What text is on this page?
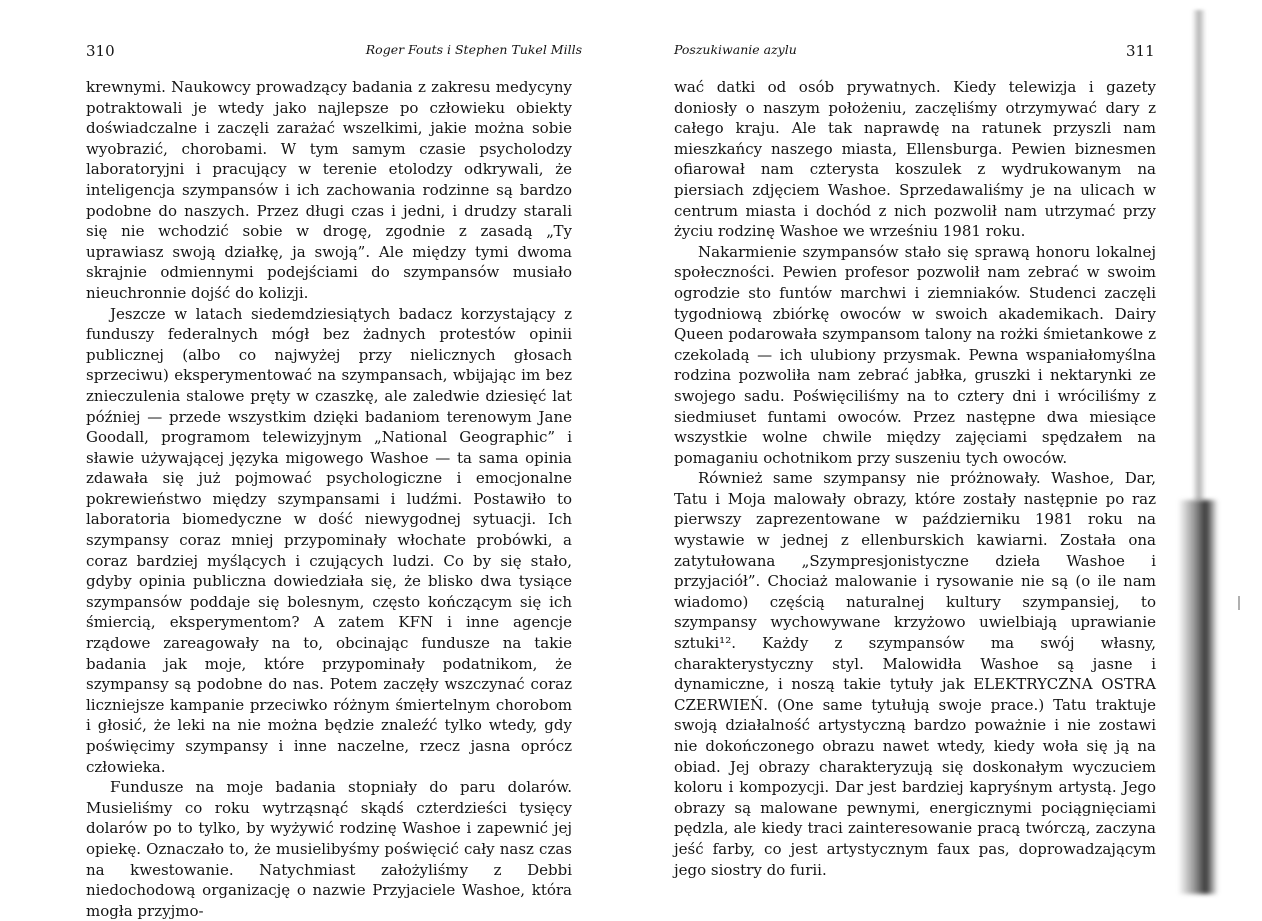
310	Roger Fouts i Stephen Tukel Mills

krewnymi. Naukowcy prowadzący badania z zakresu medycyny potraktowali je wtedy jako najlepsze po człowieku obiekty doświadczalne i zaczęli zarażać wszelkimi, jakie można sobie wyobrazić, chorobami. W tym samym czasie psycholodzy laboratoryjni i pracujący w terenie etolodzy odkrywali, że inteligencja szympansów i ich zachowania rodzinne są bardzo podobne do naszych. Przez długi czas i jedni, i drudzy starali się nie wchodzić sobie w drogę, zgodnie z zasadą „Ty uprawiasz swoją działkę, ja swoją”. Ale między tymi dwoma skrajnie odmiennymi podejściami do szympansów musiało nieuchronnie dojść do kolizji.

Jeszcze w latach siedemdziesiątych badacz korzystający z funduszy federalnych mógł bez żadnych protestów opinii publicznej (albo co najwyżej przy nielicznych głosach sprzeciwu) eksperymentować na szympansach, wbijając im bez znieczulenia stalowe pręty w czaszkę, ale zaledwie dziesięć lat później — przede wszystkim dzięki badaniom terenowym Jane Goodall, programom telewizyjnym „National Geographic” i sławie używającej języka migowego Washoe — ta sama opinia zdawała się już pojmować psychologiczne i emocjonalne pokrewieństwo między szympansami i ludźmi. Postawiło to laboratoria biomedyczne w dość niewygodnej sytuacji. Ich szympansy coraz mniej przypominały włochate probówki, a coraz bardziej myślących i czujących ludzi. Co by się stało, gdyby opinia publiczna dowiedziała się, że blisko dwa tysiące szympansów poddaje się bolesnym, często kończącym się ich śmiercią, eksperymentom? A zatem KFN i inne agencje rządowe zareagowały na to, obcinając fundusze na takie badania jak moje, które przypominały podatnikom, że szympansy są podobne do nas. Potem zaczęły wszczynać coraz liczniejsze kampanie przeciwko różnym śmiertelnym chorobom i głosić, że leki na nie można będzie znaleźć tylko wtedy, gdy poświęcimy szympansy i inne naczelne, rzecz jasna oprócz człowieka.

Fundusze na moje badania stopniały do paru dolarów. Musieliśmy co roku wytrząsnąć skądś czterdzieści tysięcy dolarów po to tylko, by wyżywić rodzinę Washoe i zapewnić jej opiekę. Oznaczało to, że musielibyśmy poświęcić cały nasz czas na kwestowanie. Natychmiast założyliśmy z Debbi niedochodową organizację o nazwie Przyjaciele Washoe, która mogła przyjmo-

Poszukiwanie azylu	311

wać datki od osób prywatnych. Kiedy telewizja i gazety doniosły o naszym położeniu, zaczęliśmy otrzymywać dary z całego kraju. Ale tak naprawdę na ratunek przyszli nam mieszkańcy naszego miasta, Ellensburga. Pewien biznesmen ofiarował nam czterysta koszulek z wydrukowanym na piersiach zdjęciem Washoe. Sprzedawaliśmy je na ulicach w centrum miasta i dochód z nich pozwolił nam utrzymać przy życiu rodzinę Washoe we wrześniu 1981 roku.

Nakarmienie szympansów stało się sprawą honoru lokalnej społeczności. Pewien profesor pozwolił nam zebrać w swoim ogrodzie sto funtów marchwi i ziemniaków. Studenci zaczęli tygodniową zbiórkę owoców w swoich akademikach. Dairy Queen podarowała szympansom talony na rożki śmietankowe z czekoladą — ich ulubiony przysmak. Pewna wspaniałomyślna rodzina pozwoliła nam zebrać jabłka, gruszki i nektarynki ze swojego sadu. Poświęciliśmy na to cztery dni i wróciliśmy z siedmiuset funtami owoców. Przez następne dwa miesiące wszystkie wolne chwile między zajęciami spędzałem na pomaganiu ochotnikom przy suszeniu tych owoców.

Również same szympansy nie próżnowały. Washoe, Dar, Tatu i Moja malowały obrazy, które zostały następnie po raz pierwszy zaprezentowane w październiku 1981 roku na wystawie w jednej z ellenburskich kawiarni. Została ona zatytułowana „Szympresjonistyczne dzieła Washoe i przyjaciół”. Chociaż malowanie i rysowanie nie są (o ile nam wiadomo) częścią naturalnej kultury szympansiej, to szympansy wychowywane krzyżowo uwielbiają uprawianie sztuki¹². Każdy z szympansów ma swój własny, charakterystyczny styl. Malowidła Washoe są jasne i dynamiczne, i noszą takie tytuły jak ELEKTRYCZNA OSTRA CZERWIEŃ. (One same tytułują swoje prace.) Tatu traktuje swoją działalność artystyczną bardzo poważnie i nie zostawi nie dokończonego obrazu nawet wtedy, kiedy woła się ją na obiad. Jej obrazy charakteryzują się doskonałym wyczuciem koloru i kompozycji. Dar jest bardziej kapryśnym artystą. Jego obrazy są malowane pewnymi, energicznymi pociągnięciami pędzla, ale kiedy traci zainteresowanie pracą twórczą, zaczyna jeść farby, co jest artystycznym faux pas, doprowadzającym jego siostry do furii.
